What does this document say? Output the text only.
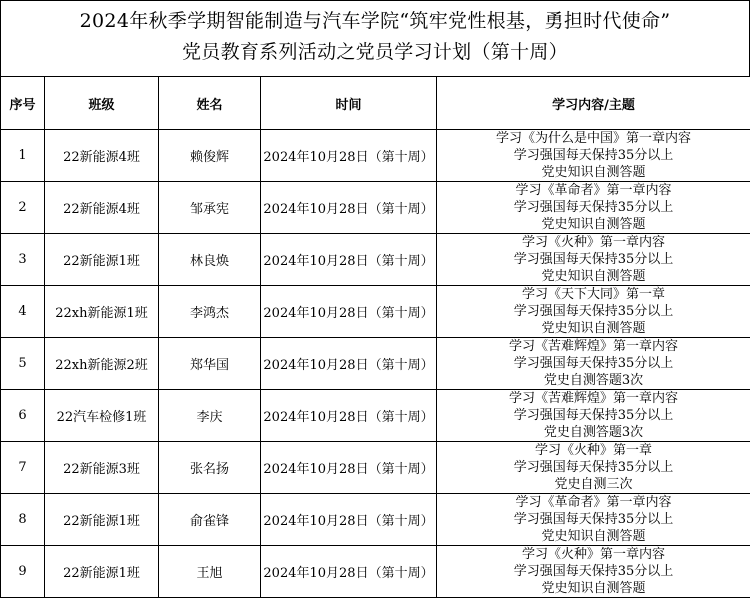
2024年秋季学期智能制造与汽车学院“筑牢党性根基，勇担时代使命”
党员教育系列活动之党员学习计划（第十周）
序号	班级	姓名	时间	学习内容/主题
1	22新能源4班	赖俊辉	2024年10月28日（第十周）	学习《为什么是中国》第一章内容
学习强国每天保持35分以上
党史知识自测答题

2	22新能源4班	邹承宪	2024年10月28日（第十周）	学习《革命者》第一章内容
学习强国每天保持35分以上
党史知识自测答题

3	22新能源1班	林良焕	2024年10月28日（第十周）	学习《火种》第一章内容
学习强国每天保持35分以上
党史知识自测答题

4	22xh新能源1班	李鸿杰	2024年10月28日（第十周）	学习《天下大同》第一章
学习强国每天保持35分以上
党史知识自测答题

5	22xh新能源2班	郑华国	2024年10月28日（第十周）	学习《苦难辉煌》第一章内容
学习强国每天保持35分以上
党史自测答题3次

6	22汽车检修1班	李庆	2024年10月28日（第十周）	学习《苦难辉煌》第一章内容
学习强国每天保持35分以上
党史自测答题3次

7	22新能源3班	张名扬	2024年10月28日（第十周）	学习《火种》第一章
学习强国每天保持35分以上
党史自测三次

8	22新能源1班	俞雀锋	2024年10月28日（第十周）	学习《革命者》第一章内容
学习强国每天保持35分以上
党史知识自测答题

9	22新能源1班	王旭	2024年10月28日（第十周）	学习《火种》第一章内容
学习强国每天保持35分以上
党史知识自测答题
